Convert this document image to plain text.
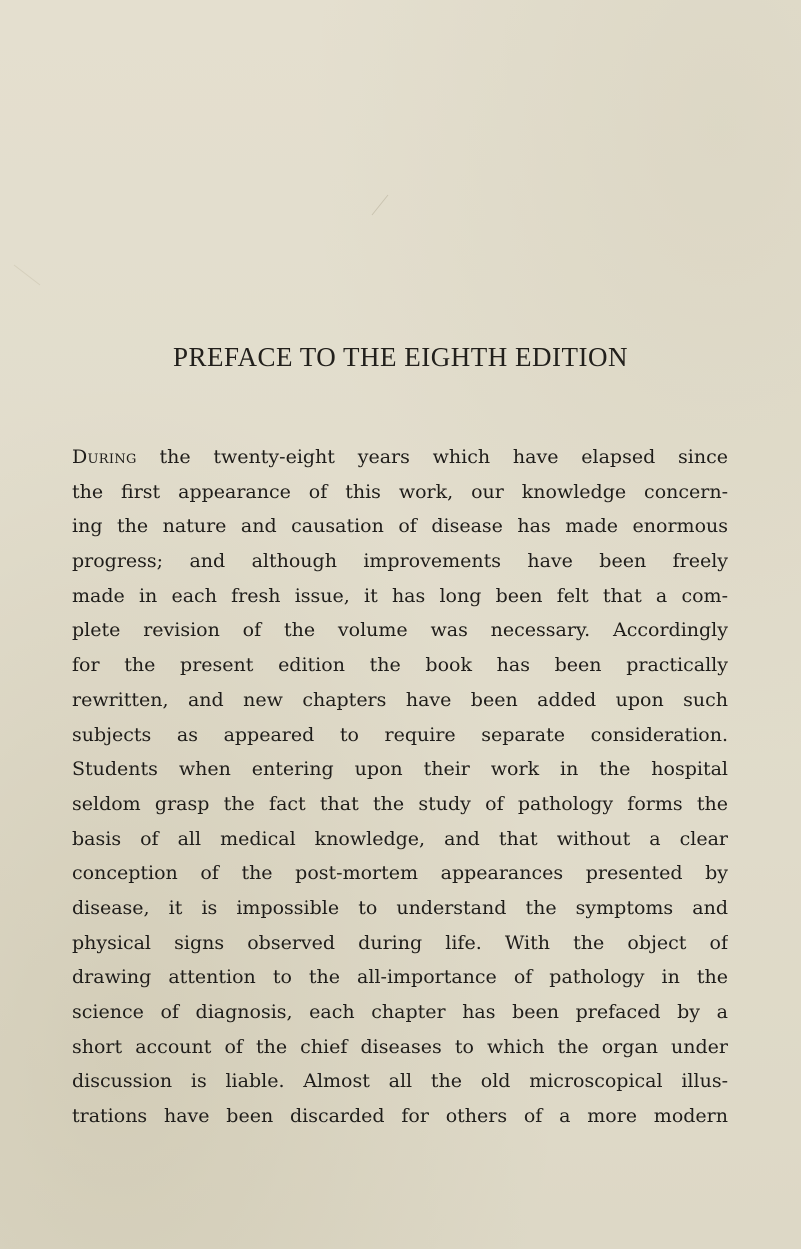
PREFACE TO THE EIGHTH EDITION
During the twenty-eight years which have elapsed since
the first appearance of this work, our knowledge concern-
ing the nature and causation of disease has made enormous
progress; and although improvements have been freely
made in each fresh issue, it has long been felt that a com-
plete revision of the volume was necessary. Accordingly
for the present edition the book has been practically
rewritten, and new chapters have been added upon such
subjects as appeared to require separate consideration.
Students when entering upon their work in the hospital
seldom grasp the fact that the study of pathology forms the
basis of all medical knowledge, and that without a clear
conception of the post-mortem appearances presented by
disease, it is impossible to understand the symptoms and
physical signs observed during life. With the object of
drawing attention to the all-importance of pathology in the
science of diagnosis, each chapter has been prefaced by a
short account of the chief diseases to which the organ under
discussion is liable. Almost all the old microscopical illus-
trations have been discarded for others of a more modern
